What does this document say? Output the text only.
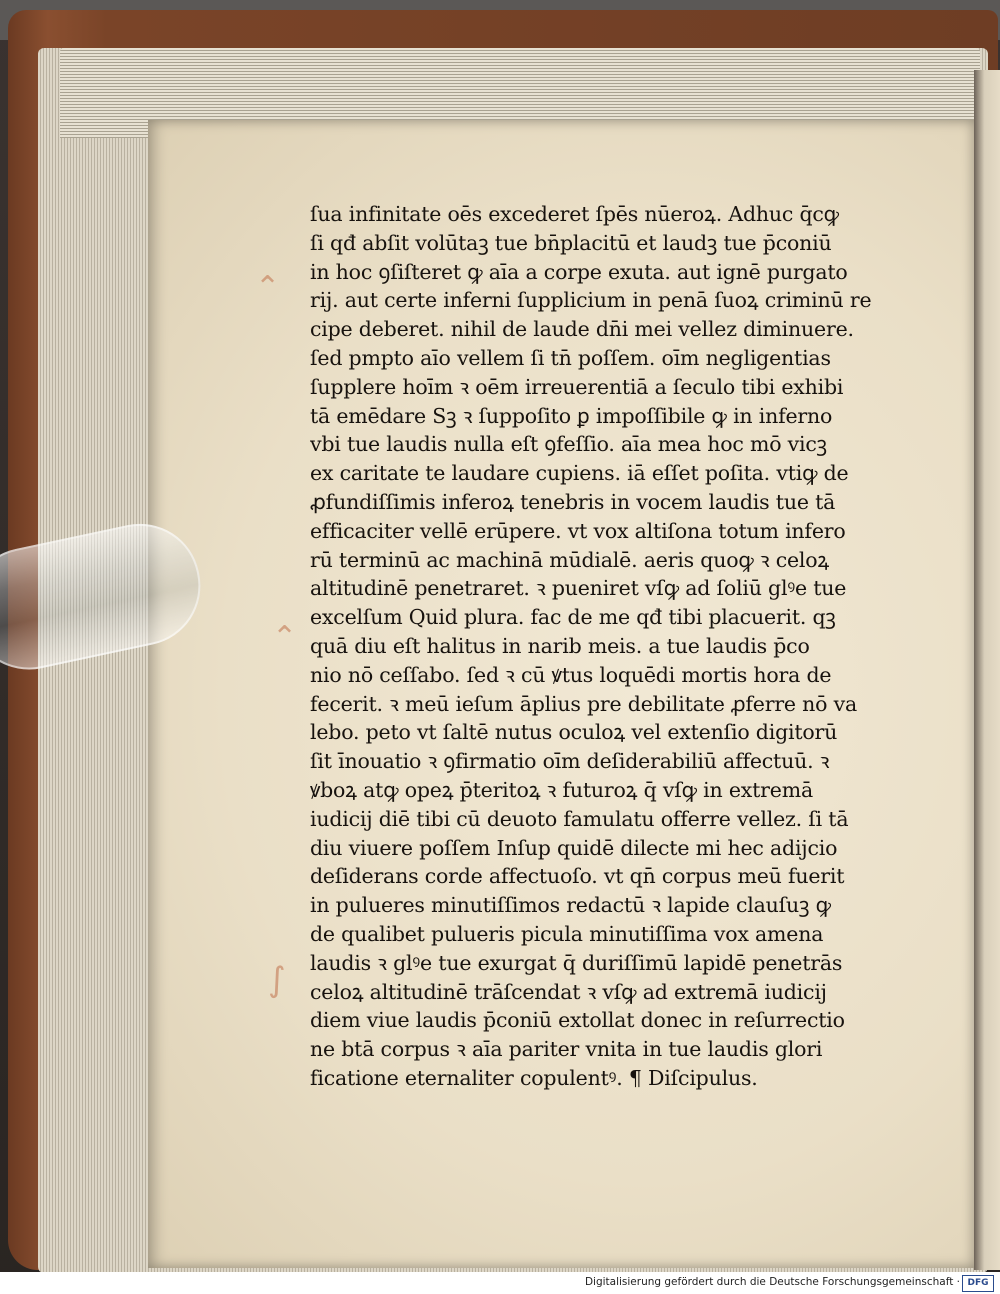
⌃
⌃
∫
ſua infinitate oēs excederet ſpēs nūeroꝝ. Adhuc q̄cꝙ
ſi qđ abſit volūtaꝫ tue bn̄placitū et laudꝫ tue p̄coniū
in hoc ꝯſiſteret ꝙ aīa a corpe exuta. aut ignē purgato
rij. aut certe inferni ſupplicium in penā ſuoꝝ criminū re
cipe deberet. nihil de laude dn̄i mei vellez diminuere.
ſed pmpto aīo vellem ſi tn̄ poſſem. oīm negligentias
ſupplere hoīm ꝛ oēm irreuerentiā a ſeculo tibi exhibi
tā emēdare Sꝫ ꝛ ſuppoſito ꝑ impoſſibile ꝙ in inferno
vbi tue laudis nulla eſt ꝯfeſſio. aīa mea hoc mō vicꝫ
ex caritate te laudare cupiens. iā eſſet poſita. vtiꝙ de
ꝓfundiſſimis inferoꝝ tenebris in vocem laudis tue tā
efficaciter vellē erūpere. vt vox altiſona totum infero
rū terminū ac machinā mūdialē. aeris quoꝙ ꝛ celoꝝ
altitudinē penetraret. ꝛ pueniret vſꝙ ad ſoliū glꝰe tue
excelſum Quid plura. fac de me qđ tibi placuerit. qꝫ
quā diu eſt halitus in narib meis. a tue laudis p̄co
nio nō ceſſabo. ſed ꝛ cū ꝟtus loquēdi mortis hora de
fecerit. ꝛ meū ieſum āplius pre debilitate ꝓferre nō va
lebo. peto vt ſaltē nutus oculoꝝ vel extenſio digitorū
ſit īnouatio ꝛ ꝯfirmatio oīm deſiderabiliū affectuū. ꝛ
ꝟboꝝ atꝙ opeꝝ p̄teritoꝝ ꝛ futuroꝝ q̄ vſꝙ in extremā
iudicij diē tibi cū deuoto famulatu offerre vellez. ſi tā
diu viuere poſſem Inſup quidē dilecte mi hec adijcio
deſiderans corde affectuoſo. vt qn̄ corpus meū fuerit
in pulueres minutiſſimos redactū ꝛ lapide clauſuꝫ ꝙ
de qualibet pulueris picula minutiſſima vox amena
laudis ꝛ glꝰe tue exurgat q̄ duriſſimū lapidē penetrās
celoꝝ altitudinē trāſcendat ꝛ vſꝙ ad extremā iudicij
diem viue laudis p̄coniū extollat donec in reſurrectio
ne btā corpus ꝛ aīa pariter vnita in tue laudis glori
ficatione eternaliter copulentꝰ. ¶ Diſcipulus.
Digitalisierung gefördert durch die Deutsche Forschungsgemeinschaft · DFG
